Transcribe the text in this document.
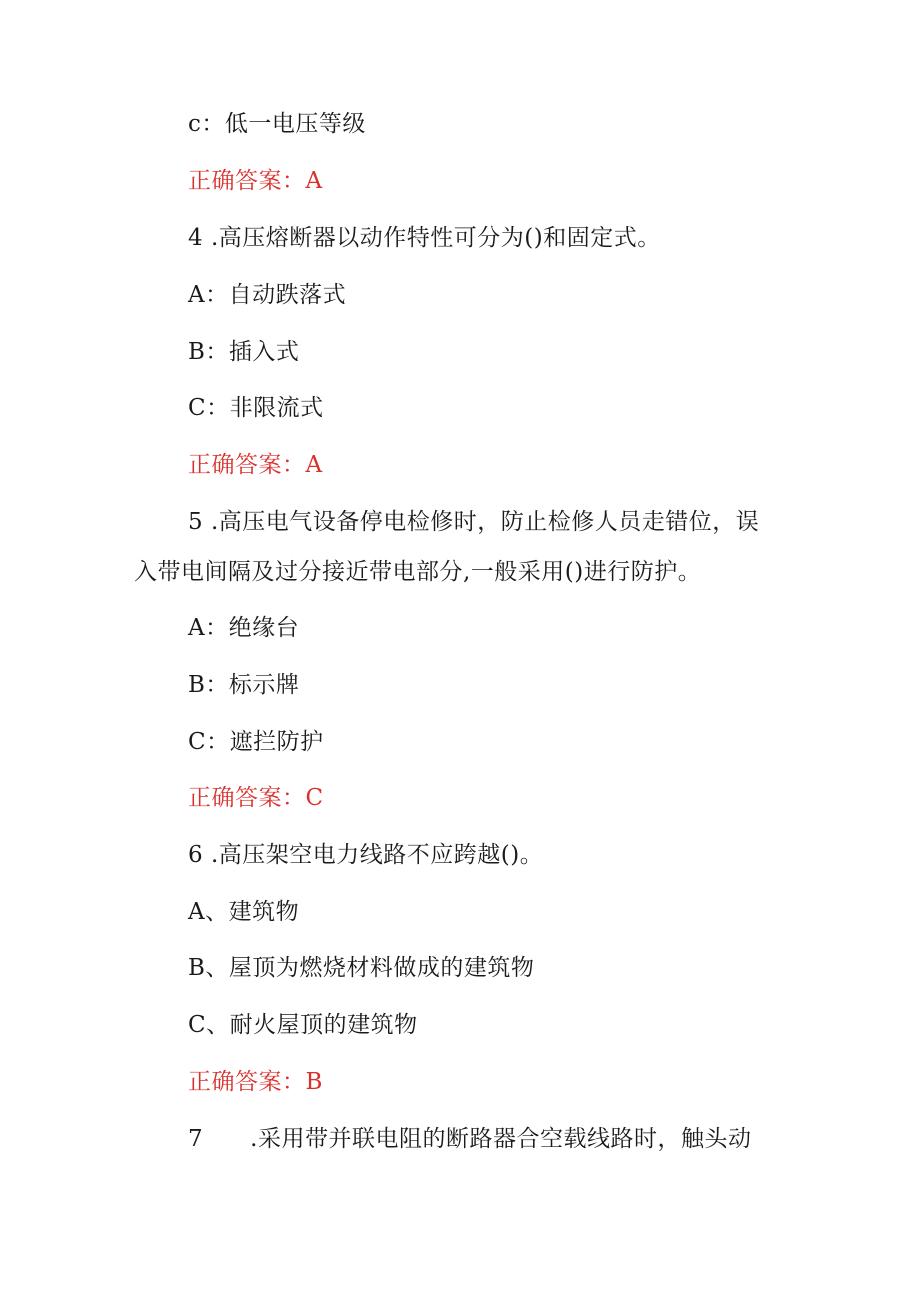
c：低一电压等级
正确答案：A
4 .高压熔断器以动作特性可分为()和固定式。
A：自动跌落式
B：插入式
C：非限流式
正确答案：A
5 .高压电气设备停电检修时，防止检修人员走错位，误
入带电间隔及过分接近带电部分,一般采用()进行防护。
A：绝缘台
B：标示牌
C：遮拦防护
正确答案：C
6 .高压架空电力线路不应跨越()。
A、建筑物
B、屋顶为燃烧材料做成的建筑物
C、耐火屋顶的建筑物
正确答案：B
7　　.采用带并联电阻的断路器合空载线路时，触头动
